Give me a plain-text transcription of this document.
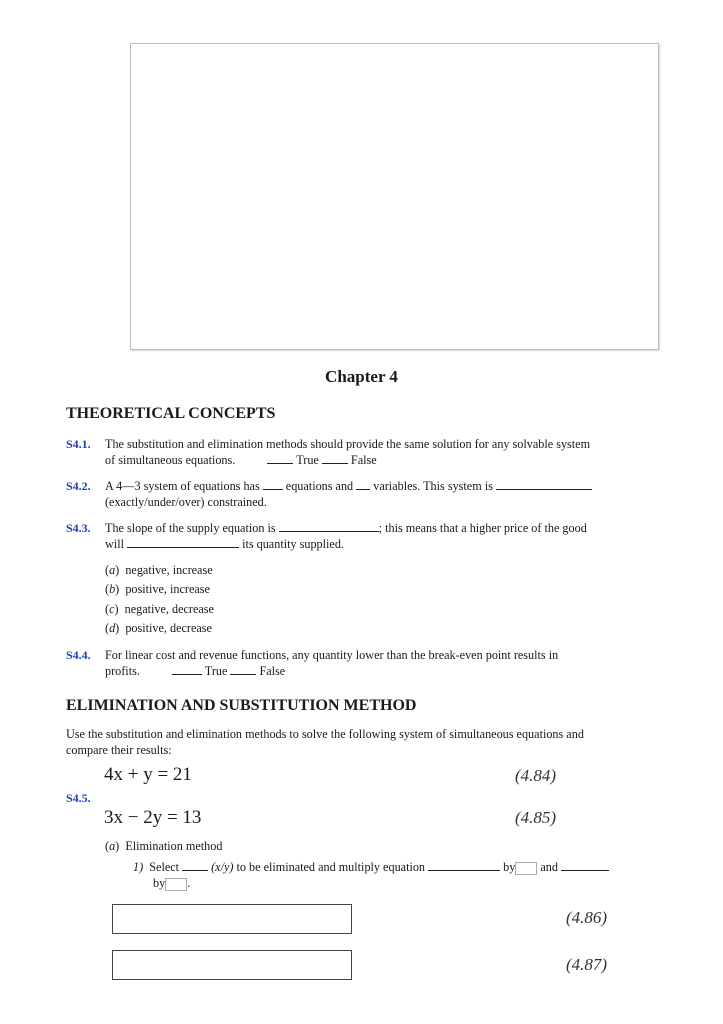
Chapter 4
THEORETICAL CONCEPTS
S4.1. The substitution and elimination methods should provide the same solution for any solvable system
of simultaneous equations.	True	False
S4.2. A 4—3 system of equations has equations and variables. This system is
(exactly/under/over) constrained.
S4.3. The slope of the supply equation is	; this means that a higher price of the good
will	its quantity supplied.
(a)  negative, increase
(b)  positive, increase
(c)  negative, decrease
(d)  positive, decrease
S4.4. For linear cost and revenue functions, any quantity lower than the break-even point results in
profits.	True	False
ELIMINATION AND SUBSTITUTION METHOD
Use the substitution and elimination methods to solve the following system of simultaneous equations and
compare their results:
4x + y = 21	(4.84)
S4.5.
3x − 2y = 13	(4.85)
(a)  Elimination method
1) Select	(x/y) to be eliminated and multiply equation	by and
by .
(4.86)
(4.87)
